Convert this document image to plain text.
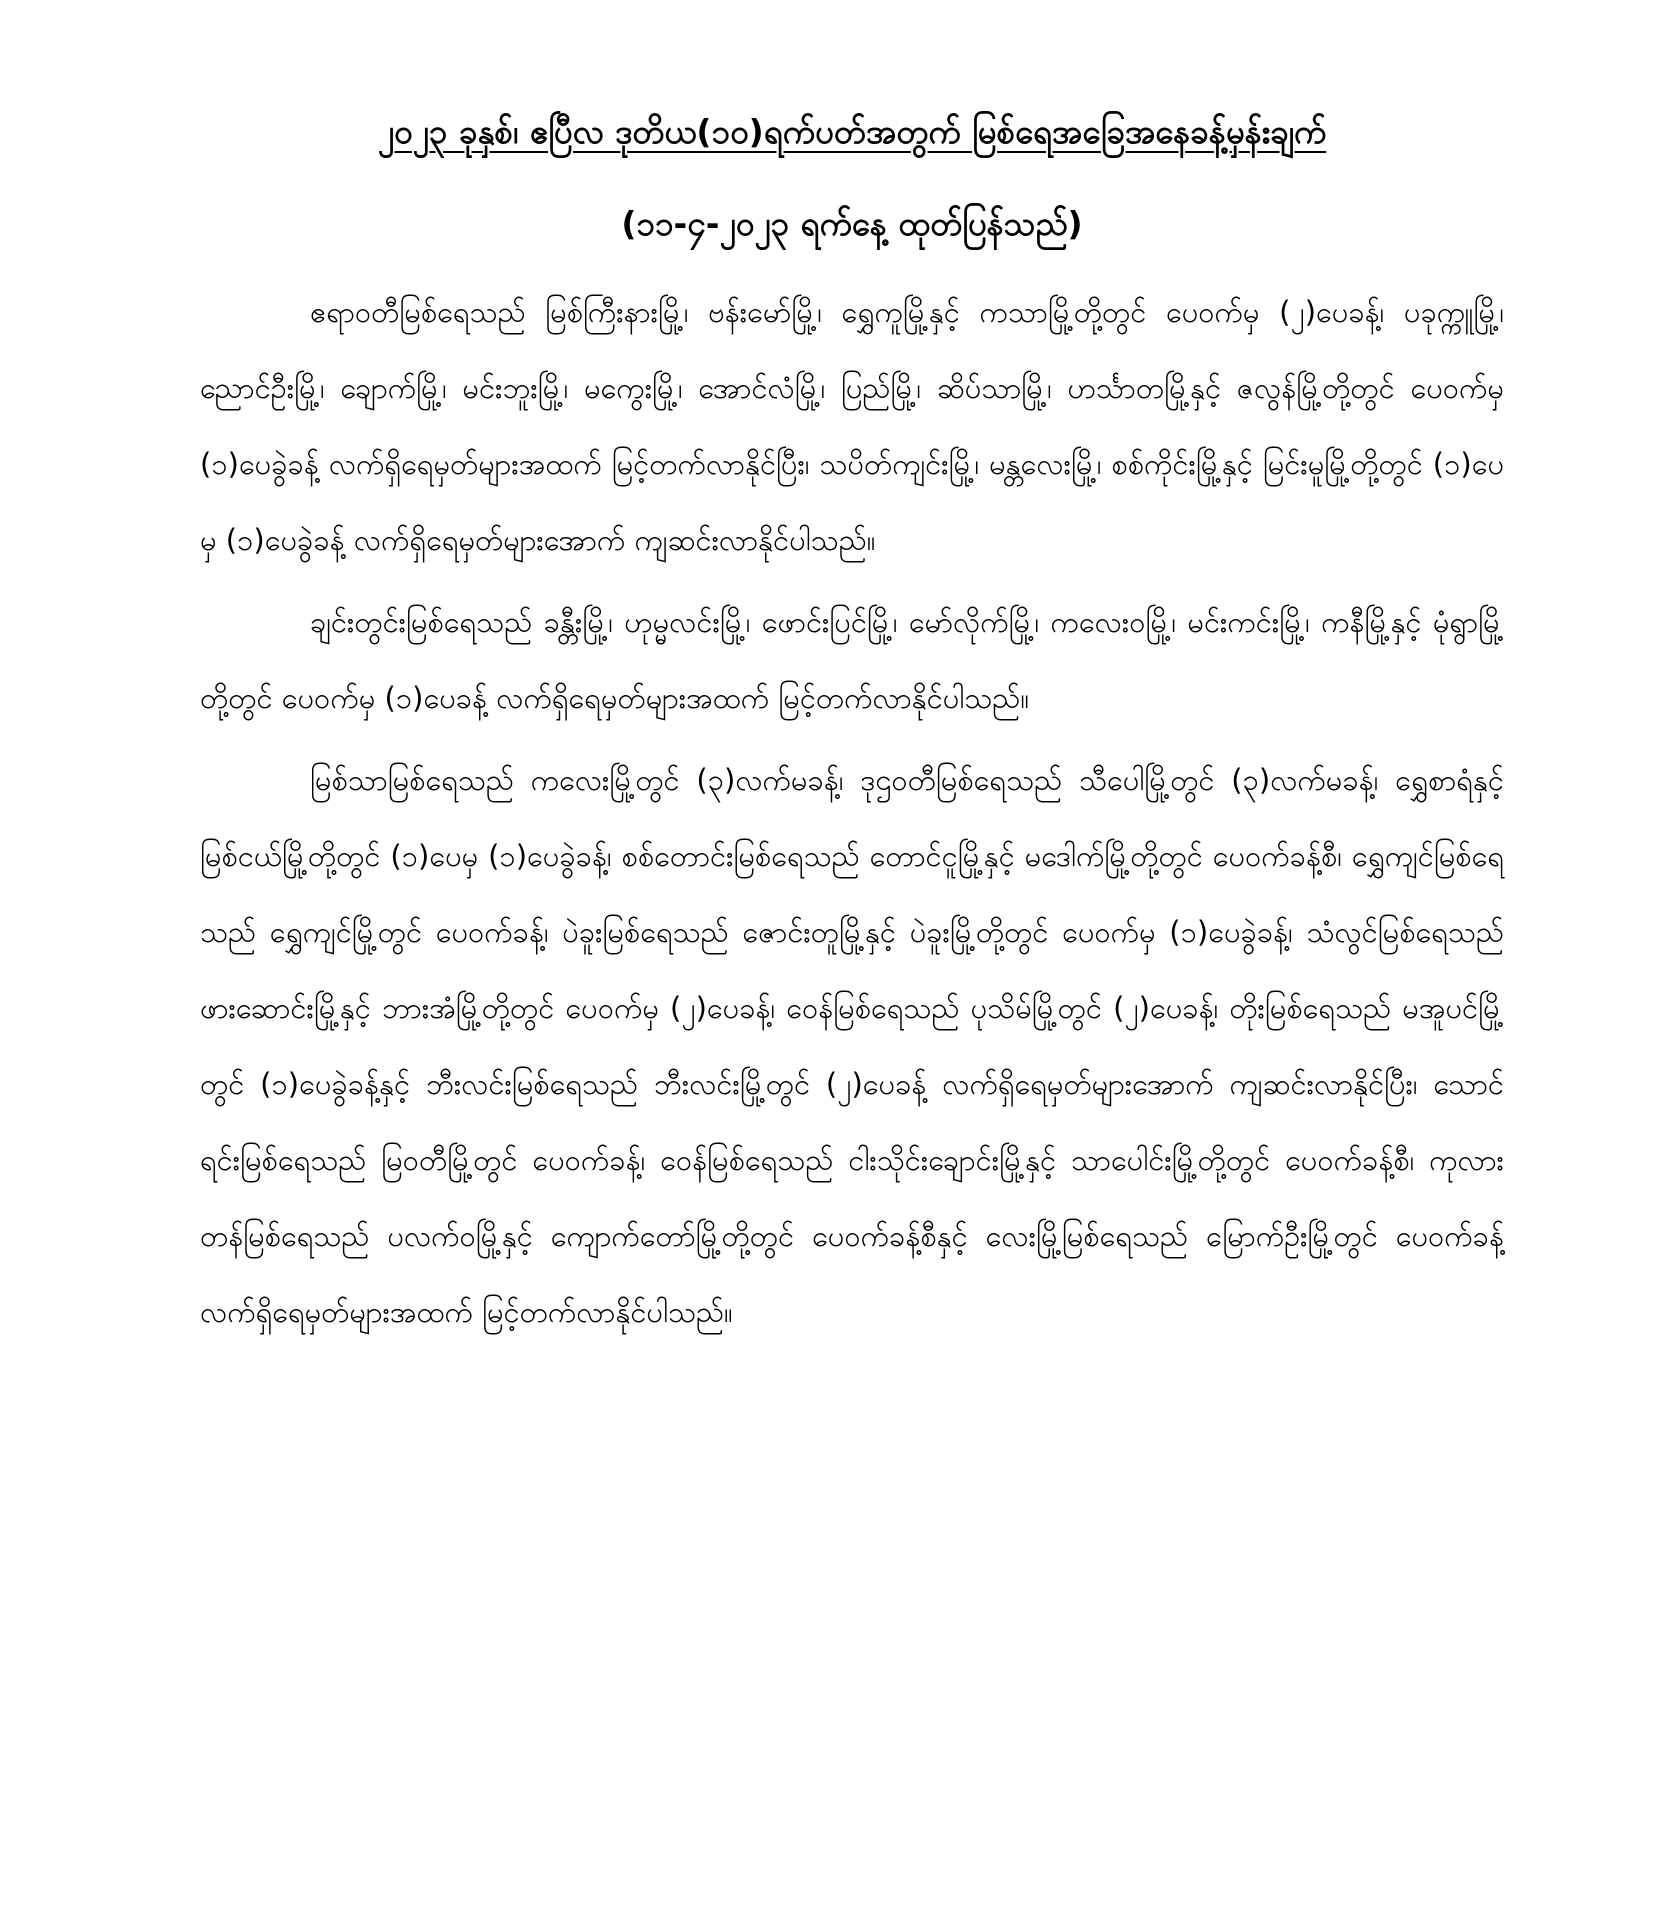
၂၀၂၃ ခုနှစ်၊ ဧပြီလ ဒုတိယ(၁၀)ရက်ပတ်အတွက် မြစ်ရေအခြေအနေခန့်မှန်းချက်
(၁၁-၄-၂၀၂၃ ရက်နေ့ ထုတ်ပြန်သည်)

ဧရာဝတီမြစ်ရေသည် မြစ်ကြီးနားမြို့၊ ဗန်းမော်မြို့၊ ရွှေကူမြို့နှင့် ကသာမြို့တို့တွင် ပေဝက်မှ (၂)ပေခန့်၊ ပခုက္ကူမြို့၊ ညောင်ဦးမြို့၊ ချောက်မြို့၊ မင်းဘူးမြို့၊ မကွေးမြို့၊ အောင်လံမြို့၊ ပြည်မြို့၊ ဆိပ်သာမြို့၊ ဟင်္သာတမြို့နှင့် ဇလွန်မြို့တို့တွင် ပေဝက်မှ (၁)ပေခွဲခန့် လက်ရှိရေမှတ်များအထက် မြင့်တက်လာနိုင်ပြီး၊ သပိတ်ကျင်းမြို့၊ မန္တလေးမြို့၊ စစ်ကိုင်းမြို့နှင့် မြင်းမူမြို့တို့တွင် (၁)ပေမှ (၁)ပေခွဲခန့် လက်ရှိရေမှတ်များအောက် ကျဆင်းလာနိုင်ပါသည်။

ချင်းတွင်းမြစ်ရေသည် ခန္တီးမြို့၊ ဟုမ္မလင်းမြို့၊ ဖောင်းပြင်မြို့၊ မော်လိုက်မြို့၊ ကလေးဝမြို့၊ မင်းကင်းမြို့၊ ကနီမြို့နှင့် မုံရွာမြို့တို့တွင် ပေဝက်မှ (၁)ပေခန့် လက်ရှိရေမှတ်များအထက် မြင့်တက်လာနိုင်ပါသည်။

မြစ်သာမြစ်ရေသည် ကလေးမြို့တွင် (၃)လက်မခန့်၊ ဒုဌဝတီမြစ်ရေသည် သီပေါမြို့တွင် (၃)လက်မခန့်၊ ရွှေစာရံနှင့် မြစ်ငယ်မြို့တို့တွင် (၁)ပေမှ (၁)ပေခွဲခန့်၊ စစ်တောင်းမြစ်ရေသည် တောင်ငူမြို့နှင့် မဒေါက်မြို့တို့တွင် ပေဝက်ခန့်စီ၊ ရွှေကျင်မြစ်ရေသည် ရွှေကျင်မြို့တွင် ပေဝက်ခန့်၊ ပဲခူးမြစ်ရေသည် ဇောင်းတူမြို့နှင့် ပဲခူးမြို့တို့တွင် ပေဝက်မှ (၁)ပေခွဲခန့်၊ သံလွင်မြစ်ရေသည် ဖားဆောင်းမြို့နှင့် ဘားအံမြို့တို့တွင် ပေဝက်မှ (၂)ပေခန့်၊ ဝေန်မြစ်ရေသည် ပုသိမ်မြို့တွင် (၂)ပေခန့်၊ တိုးမြစ်ရေသည် မအူပင်မြို့တွင် (၁)ပေခွဲခန့်နှင့် ဘီးလင်းမြစ်ရေသည် ဘီးလင်းမြို့တွင် (၂)ပေခန့် လက်ရှိရေမှတ်များအောက် ကျဆင်းလာနိုင်ပြီး၊ သောင်ရင်းမြစ်ရေသည် မြဝတီမြို့တွင် ပေဝက်ခန့်၊ ဝေန်မြစ်ရေသည် ငါးသိုင်းချောင်းမြို့နှင့် သာပေါင်းမြို့တို့တွင် ပေဝက်ခန့်စီ၊ ကုလားတန်မြစ်ရေသည် ပလက်ဝမြို့နှင့် ကျောက်တော်မြို့တို့တွင် ပေဝက်ခန့်စီနှင့် လေးမြို့မြစ်ရေသည် မြောက်ဦးမြို့တွင် ပေဝက်ခန့် လက်ရှိရေမှတ်များအထက် မြင့်တက်လာနိုင်ပါသည်။
